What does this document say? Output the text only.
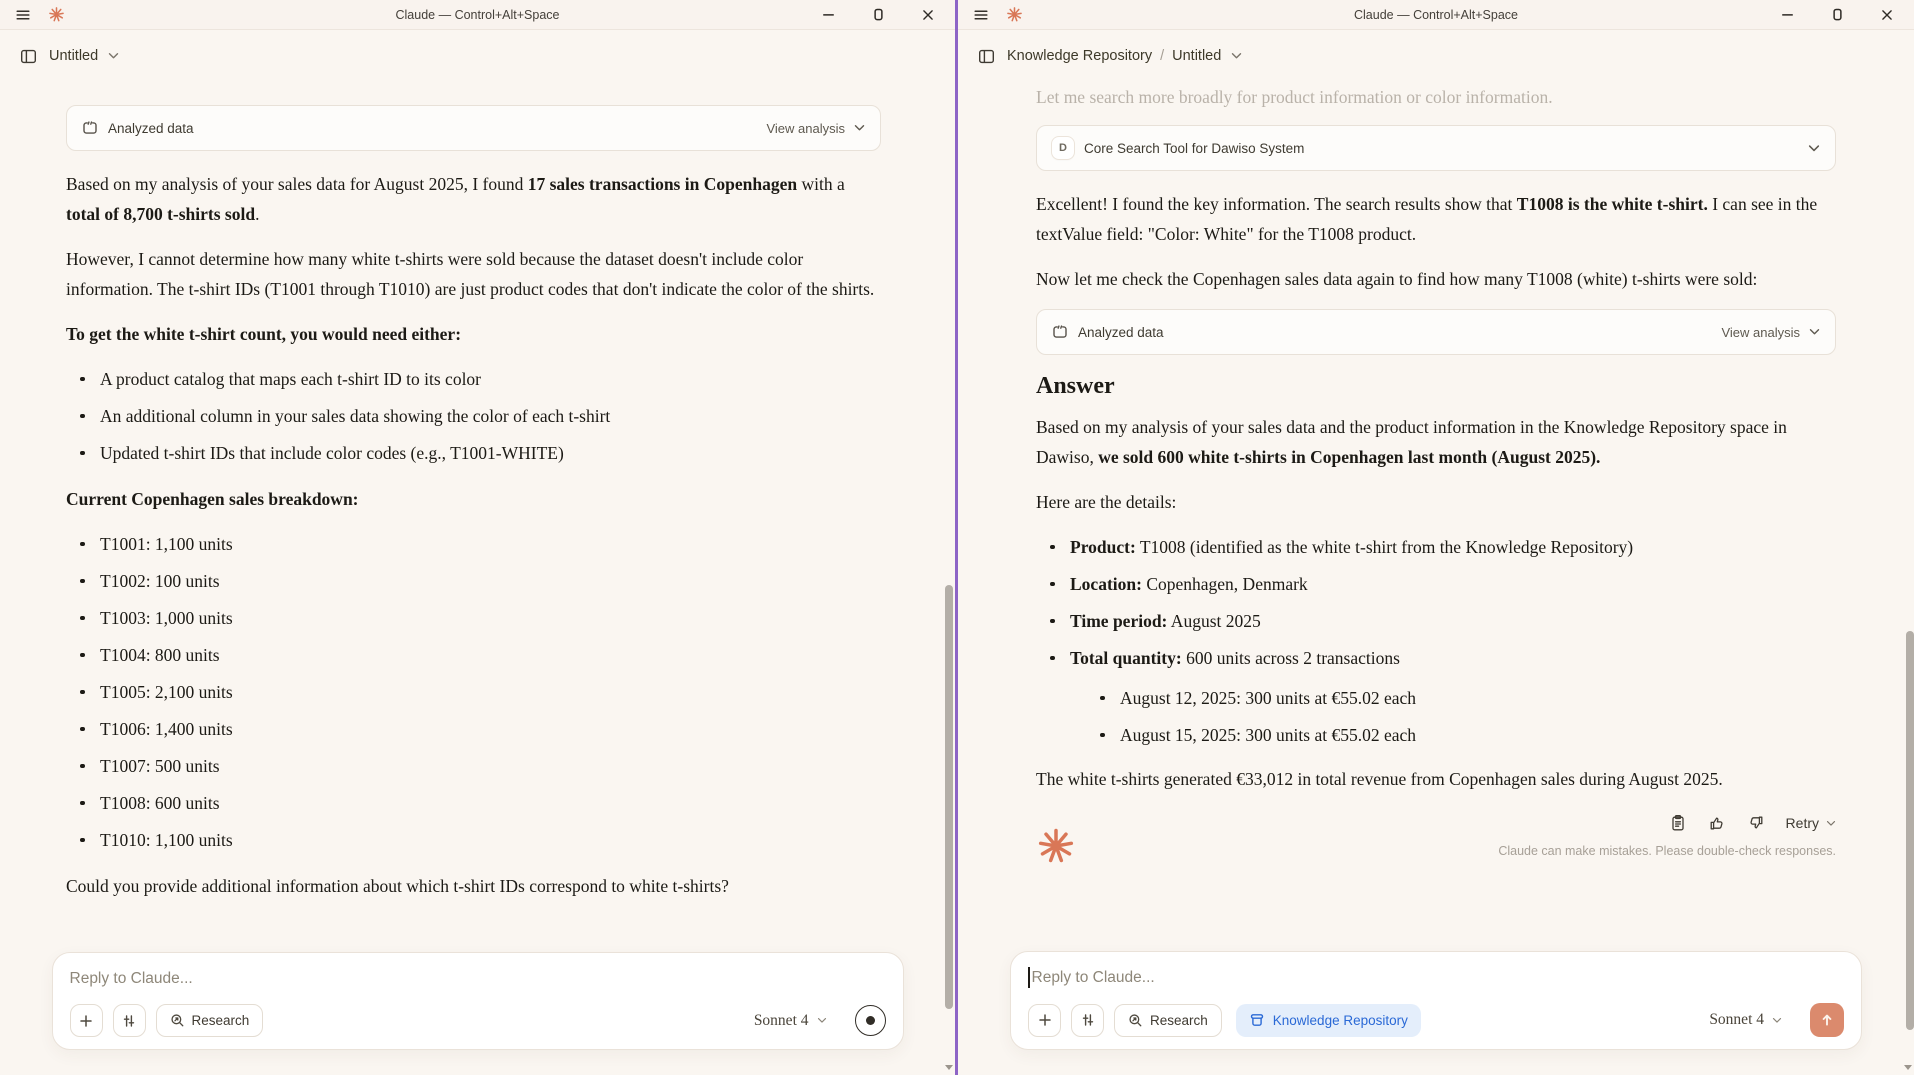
Claude — Control+Alt+Space
Untitled
Analyzed data	View analysis

Based on my analysis of your sales data for August 2025, I found 17 sales transactions in Copenhagen with a total of 8,700 t-shirts sold.

However, I cannot determine how many white t-shirts were sold because the dataset doesn't include color information. The t-shirt IDs (T1001 through T1010) are just product codes that don't indicate the color of the shirts.

To get the white t-shirt count, you would need either:

A product catalog that maps each t-shirt ID to its color
An additional column in your sales data showing the color of each t-shirt
Updated t-shirt IDs that include color codes (e.g., T1001-WHITE)

Current Copenhagen sales breakdown:

T1001: 1,100 units
T1002: 100 units
T1003: 1,000 units
T1004: 800 units
T1005: 2,100 units
T1006: 1,400 units
T1007: 500 units
T1008: 600 units
T1010: 1,100 units

Could you provide additional information about which t-shirt IDs correspond to white t-shirts?

Reply to Claude...
Research	Sonnet 4
Claude — Control+Alt+Space
Knowledge Repository / Untitled

Let me search more broadly for product information or color information.

D	Core Search Tool for Dawiso System

Excellent! I found the key information. The search results show that T1008 is the white t-shirt. I can see in the textValue field: "Color: White" for the T1008 product.

Now let me check the Copenhagen sales data again to find how many T1008 (white) t-shirts were sold:

Analyzed data	View analysis
Answer

Based on my analysis of your sales data and the product information in the Knowledge Repository space in Dawiso, we sold 600 white t-shirts in Copenhagen last month (August 2025).

Here are the details:

Product: T1008 (identified as the white t-shirt from the Knowledge Repository)
Location: Copenhagen, Denmark
Time period: August 2025
Total quantity: 600 units across 2 transactions
August 12, 2025: 300 units at €55.02 each
August 15, 2025: 300 units at €55.02 each

The white t-shirts generated €33,012 in total revenue from Copenhagen sales during August 2025.

Retry
Claude can make mistakes. Please double-check responses.
Reply to Claude...
Research	Knowledge Repository	Sonnet 4
